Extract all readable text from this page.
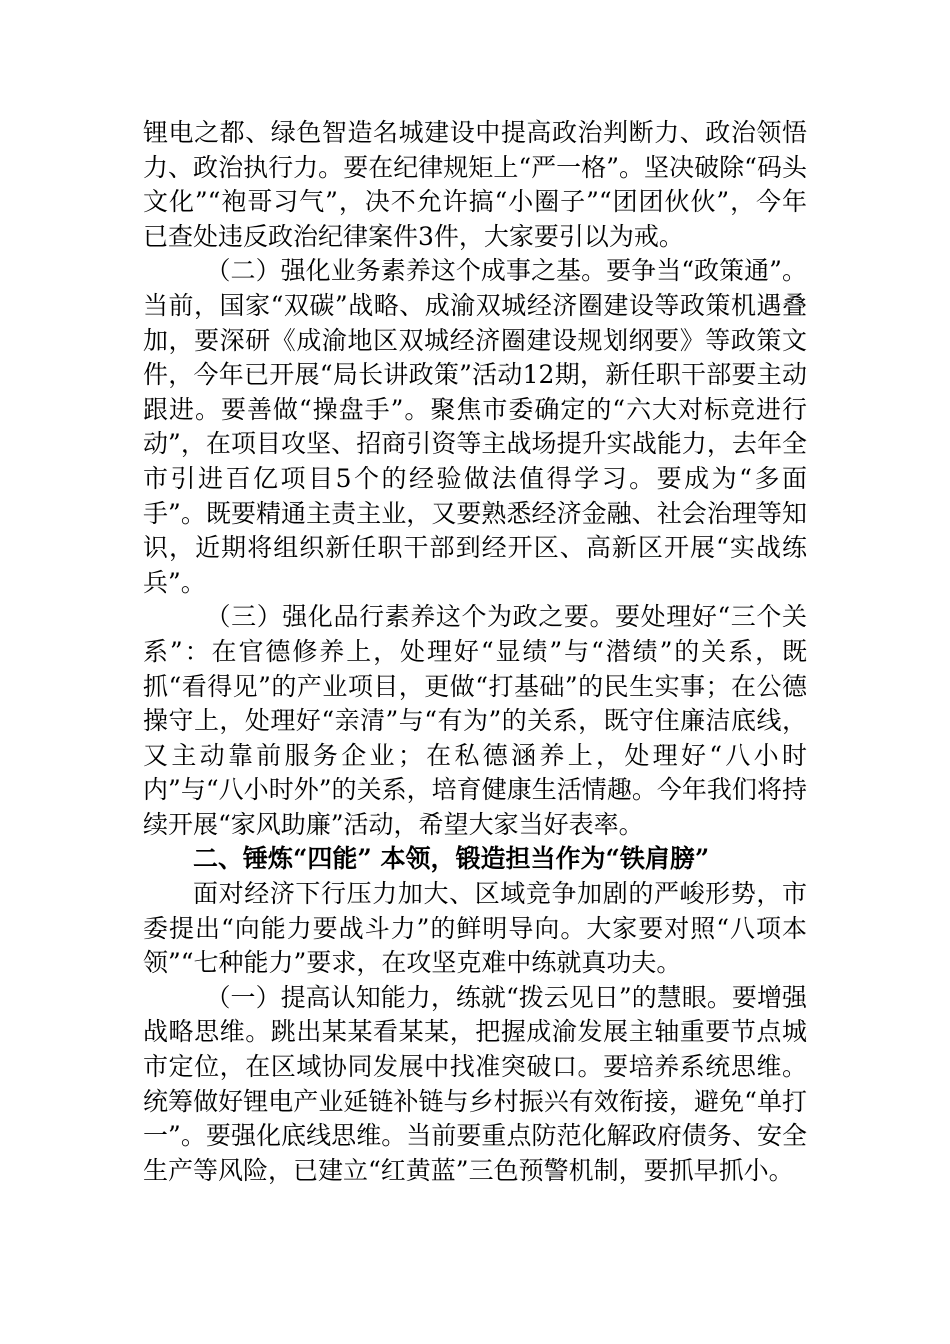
锂电之都、绿色智造名城建设中提高政治判断力、政治领悟力、政治执行力。要在纪律规矩上“严一格”。坚决破除“码头文化”“袍哥习气”，决不允许搞“小圈子”“团团伙伙”，今年已查处违反政治纪律案件3件，大家要引以为戒。

（二）强化业务素养这个成事之基。要争当“政策通”。当前，国家“双碳”战略、成渝双城经济圈建设等政策机遇叠加，要深研《成渝地区双城经济圈建设规划纲要》等政策文件，今年已开展“局长讲政策”活动12期，新任职干部要主动跟进。要善做“操盘手”。聚焦市委确定的“六大对标竞进行动”，在项目攻坚、招商引资等主战场提升实战能力，去年全市引进百亿项目5个的经验做法值得学习。要成为“多面手”。既要精通主责主业，又要熟悉经济金融、社会治理等知识，近期将组织新任职干部到经开区、高新区开展“实战练兵”。

（三）强化品行素养这个为政之要。要处理好“三个关系”：在官德修养上，处理好“显绩”与“潜绩”的关系，既抓“看得见”的产业项目，更做“打基础”的民生实事；在公德操守上，处理好“亲清”与“有为”的关系，既守住廉洁底线，又主动靠前服务企业；在私德涵养上，处理好“八小时内”与“八小时外”的关系，培育健康生活情趣。今年我们将持续开展“家风助廉”活动，希望大家当好表率。

二、锤炼“四能” 本领，锻造担当作为“铁肩膀”

面对经济下行压力加大、区域竞争加剧的严峻形势，市委提出“向能力要战斗力”的鲜明导向。大家要对照“八项本领”“七种能力”要求，在攻坚克难中练就真功夫。

（一）提高认知能力，练就“拨云见日”的慧眼。要增强战略思维。跳出某某看某某，把握成渝发展主轴重要节点城市定位，在区域协同发展中找准突破口。要培养系统思维。统筹做好锂电产业延链补链与乡村振兴有效衔接，避免“单打一”。要强化底线思维。当前要重点防范化解政府债务、安全生产等风险，已建立“红黄蓝”三色预警机制，要抓早抓小。
